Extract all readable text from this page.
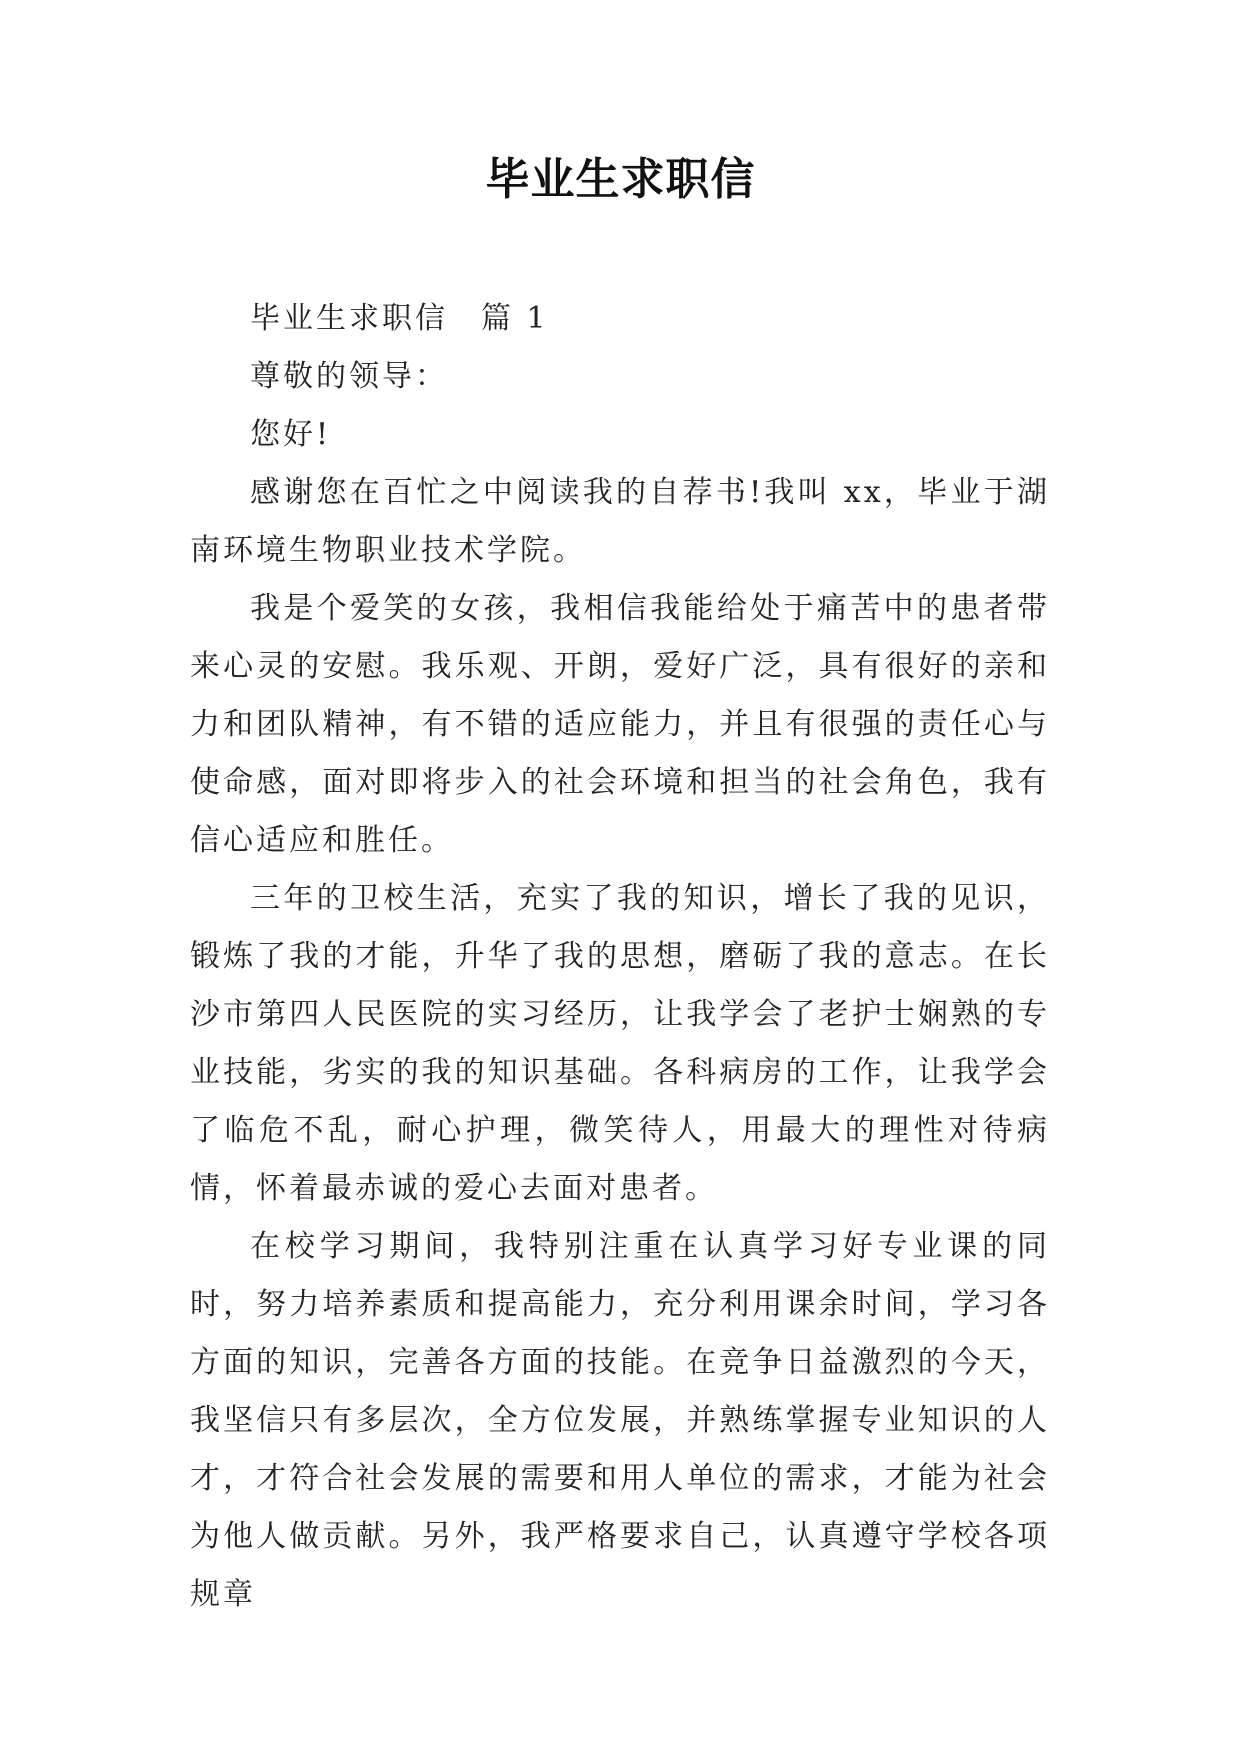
毕业生求职信

毕业生求职信　篇 1

尊敬的领导：

您好!

感谢您在百忙之中阅读我的自荐书!我叫 xx，毕业于湖南环境生物职业技术学院。

我是个爱笑的女孩，我相信我能给处于痛苦中的患者带来心灵的安慰。我乐观、开朗，爱好广泛，具有很好的亲和力和团队精神，有不错的适应能力，并且有很强的责任心与使命感，面对即将步入的社会环境和担当的社会角色，我有信心适应和胜任。

三年的卫校生活，充实了我的知识，增长了我的见识，锻炼了我的才能，升华了我的思想，磨砺了我的意志。在长沙市第四人民医院的实习经历，让我学会了老护士娴熟的专业技能，劣实的我的知识基础。各科病房的工作，让我学会了临危不乱，耐心护理，微笑待人，用最大的理性对待病情，怀着最赤诚的爱心去面对患者。

在校学习期间，我特别注重在认真学习好专业课的同时，努力培养素质和提高能力，充分利用课余时间，学习各方面的知识，完善各方面的技能。在竞争日益激烈的今天，我坚信只有多层次，全方位发展，并熟练掌握专业知识的人才，才符合社会发展的需要和用人单位的需求，才能为社会为他人做贡献。另外，我严格要求自己，认真遵守学校各项规章
